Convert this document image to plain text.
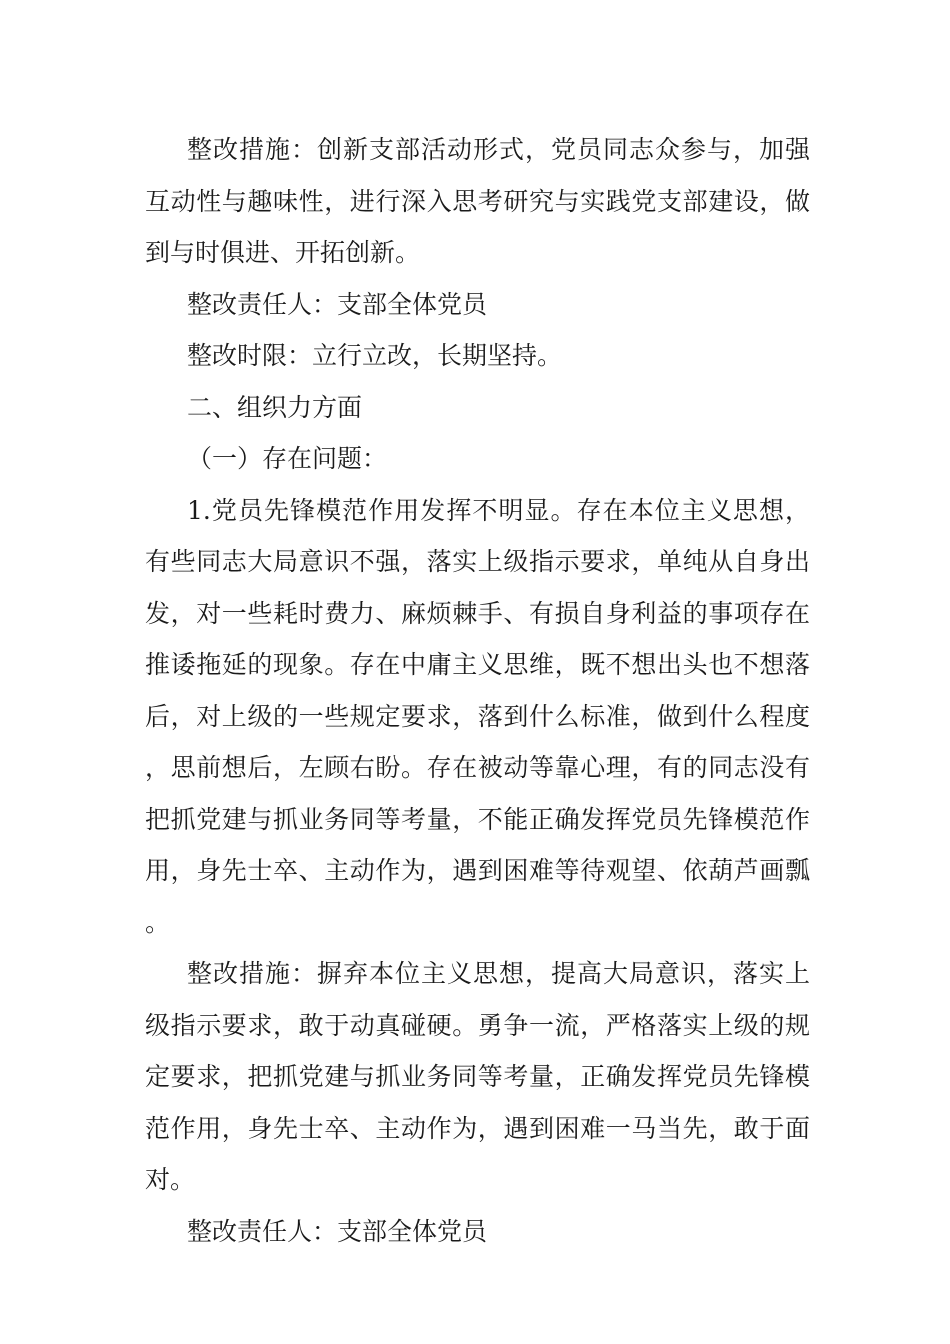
整改措施：创新支部活动形式，党员同志众参与，加强互动性与趣味性，进行深入思考研究与实践党支部建设，做到与时俱进、开拓创新。

整改责任人：支部全体党员

整改时限：立行立改，长期坚持。

二、组织力方面

（一）存在问题：

1.党员先锋模范作用发挥不明显。存在本位主义思想，有些同志大局意识不强，落实上级指示要求，单纯从自身出发，对一些耗时费力、麻烦棘手、有损自身利益的事项存在推诿拖延的现象。存在中庸主义思维，既不想出头也不想落后，对上级的一些规定要求，落到什么标准，做到什么程度，思前想后，左顾右盼。存在被动等靠心理，有的同志没有把抓党建与抓业务同等考量，不能正确发挥党员先锋模范作用，身先士卒、主动作为，遇到困难等待观望、依葫芦画瓢。

整改措施：摒弃本位主义思想，提高大局意识，落实上级指示要求，敢于动真碰硬。勇争一流，严格落实上级的规定要求，把抓党建与抓业务同等考量，正确发挥党员先锋模范作用，身先士卒、主动作为，遇到困难一马当先，敢于面对。

整改责任人：支部全体党员
